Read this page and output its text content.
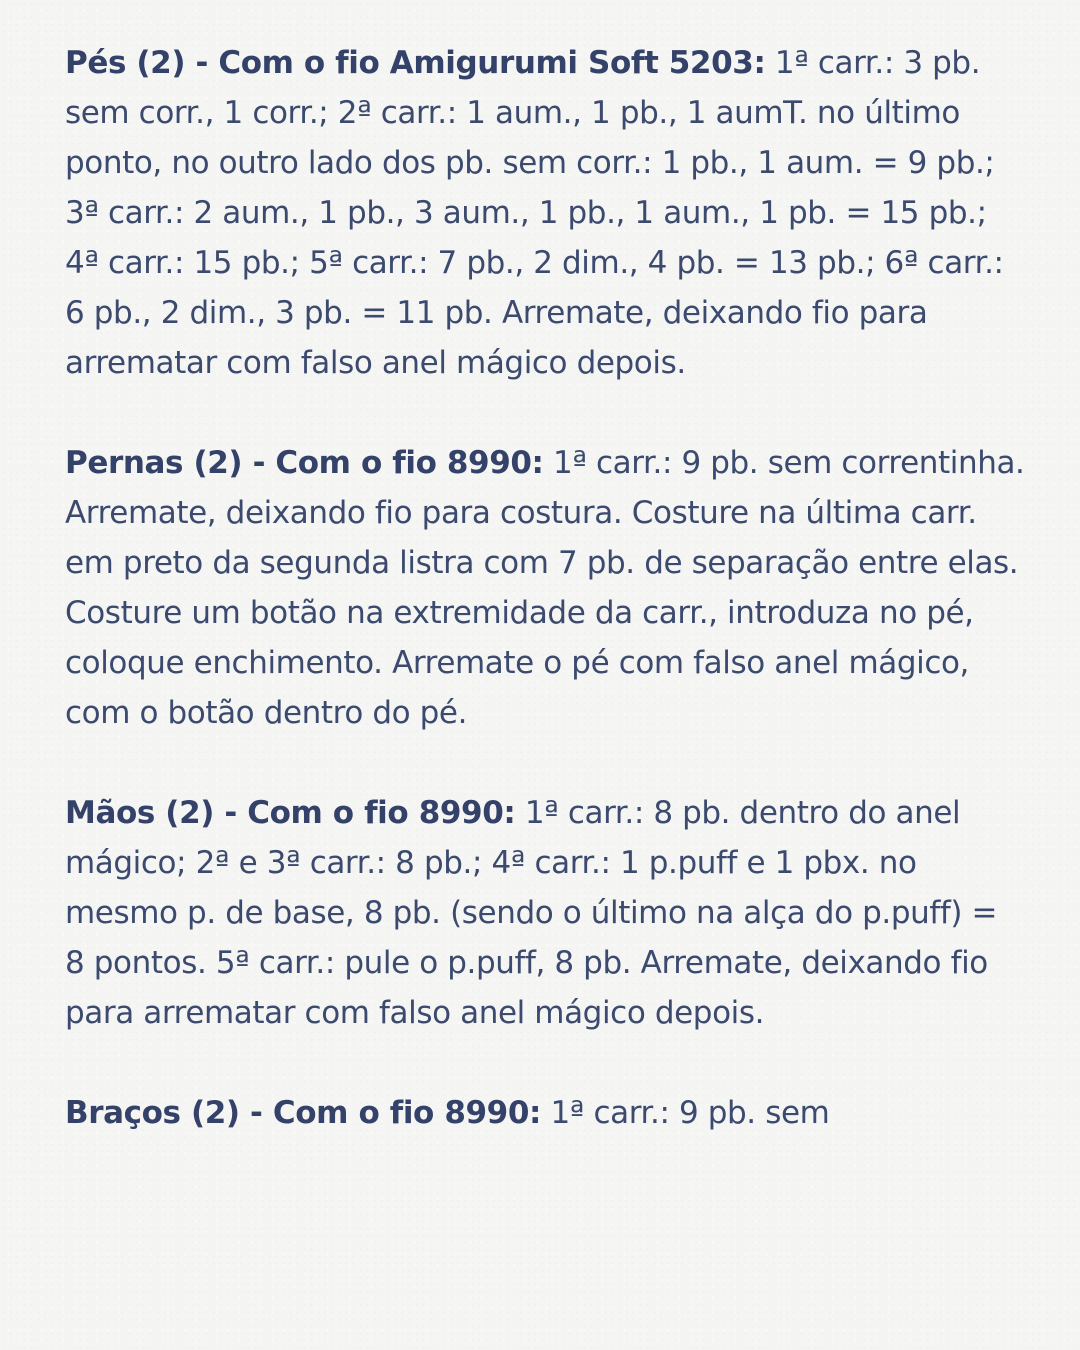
Pés (2) - Com o fio Amigurumi Soft 5203: 1ª carr.: 3 pb. sem corr., 1 corr.; 2ª carr.: 1 aum., 1 pb., 1 aumT. no último ponto, no outro lado dos pb. sem corr.: 1 pb., 1 aum. = 9 pb.; 3ª carr.: 2 aum., 1 pb., 3 aum., 1 pb., 1 aum., 1 pb. = 15 pb.; 4ª carr.: 15 pb.; 5ª carr.: 7 pb., 2 dim., 4 pb. = 13 pb.; 6ª carr.: 6 pb., 2 dim., 3 pb. = 11 pb. Arremate, deixando fio para arrematar com falso anel mágico depois.

Pernas (2) - Com o fio 8990: 1ª carr.: 9 pb. sem correntinha. Arremate, deixando fio para costura. Costure na última carr. em preto da segunda listra com 7 pb. de separação entre elas. Costure um botão na extremidade da carr., introduza no pé, coloque enchimento. Arremate o pé com falso anel mágico, com o botão dentro do pé.

Mãos (2) - Com o fio 8990: 1ª carr.: 8 pb. dentro do anel mágico; 2ª e 3ª carr.: 8 pb.; 4ª carr.: 1 p.puff e 1 pbx. no mesmo p. de base, 8 pb. (sendo o último na alça do p.puff) = 8 pontos. 5ª carr.: pule o p.puff, 8 pb. Arremate, deixando fio para arrematar com falso anel mágico depois.

Braços (2) - Com o fio 8990: 1ª carr.: 9 pb. sem
